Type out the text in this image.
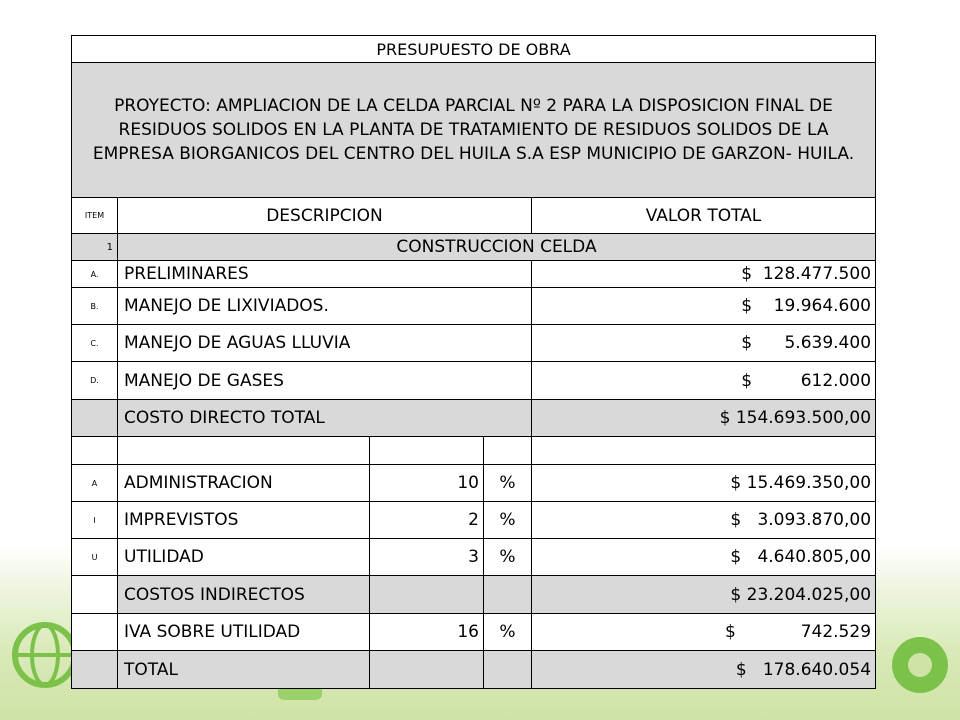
PRESUPUESTO DE OBRA				
PROYECTO: AMPLIACION DE LA CELDA PARCIAL Nº 2 PARA LA DISPOSICION FINAL DE RESIDUOS SOLIDOS EN LA PLANTA DE TRATAMIENTO DE RESIDUOS SOLIDOS DE LA EMPRESA BIORGANICOS DEL CENTRO DEL HUILA S.A ESP MUNICIPIO DE GARZON- HUILA.				
ITEM	DESCRIPCION			VALOR TOTAL
1	CONSTRUCCION CELDA			
A.	PRELIMINARES			$  128.477.500
B.	MANEJO DE LIXIVIADOS.			$    19.964.600
C.	MANEJO DE AGUAS LLUVIA			$      5.639.400
D.	MANEJO DE GASES			$         612.000
	COSTO DIRECTO TOTAL			$ 154.693.500,00

A	ADMINISTRACION	10	%	$ 15.469.350,00
I	IMPREVISTOS	2	%	$   3.093.870,00
U	UTILIDAD	3	%	$   4.640.805,00
	COSTOS INDIRECTOS			$ 23.204.025,00
	IVA SOBRE UTILIDAD	16	%	$            742.529
	TOTAL			$   178.640.054
